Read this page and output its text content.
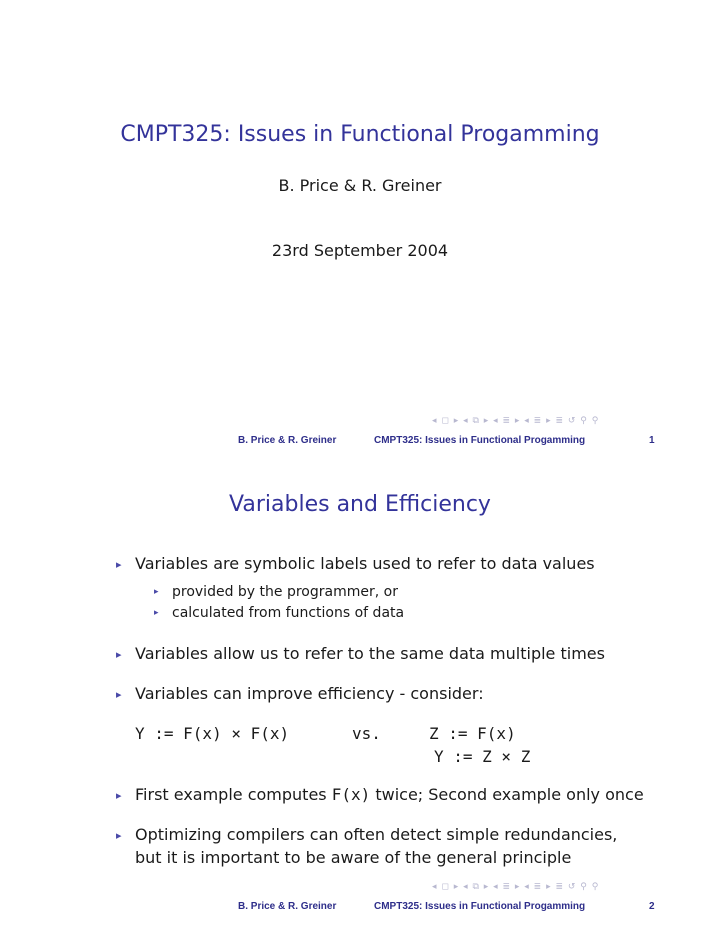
CMPT325: Issues in Functional Progamming
B. Price & R. Greiner
23rd September 2004
◂ ◻ ▸ ◂ ⧉ ▸ ◂ ≣ ▸ ◂ ≣ ▸ ≣ ↺ ⚲ ⚲
B. Price & R. Greiner	CMPT325: Issues in Functional Progamming	1
Variables and Efficiency
▸ Variables are symbolic labels used to refer to data values
▸ provided by the programmer, or
▸ calculated from functions of data
▸ Variables allow us to refer to the same data multiple times
▸ Variables can improve efficiency - consider:
Y := F(x) × F(x)	vs.	Z := F(x)
Y := Z × Z
▸ First example computes F(x) twice; Second example only once
▸ Optimizing compilers can often detect simple redundancies,
but it is important to be aware of the general principle
◂ ◻ ▸ ◂ ⧉ ▸ ◂ ≣ ▸ ◂ ≣ ▸ ≣ ↺ ⚲ ⚲
B. Price & R. Greiner	CMPT325: Issues in Functional Progamming	2
